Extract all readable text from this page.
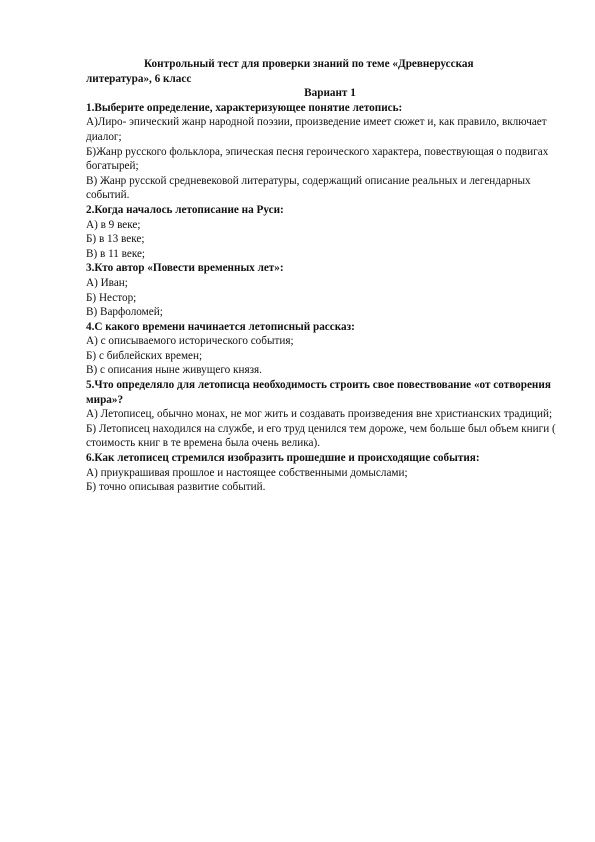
Контрольный тест для проверки знаний по теме «Древнерусская
литература», 6 класс

Вариант 1

1.Выберите определение, характеризующее понятие летопись:

А)Лиро- эпический жанр народной поэзии, произведение имеет сюжет и, как правило, включает диалог;

Б)Жанр русского фольклора, эпическая песня героического характера, повествующая о подвигах богатырей;

В) Жанр русской средневековой литературы, содержащий описание реальных и легендарных событий.

2.Когда началось летописание на Руси:

А) в 9 веке;

Б) в 13 веке;

В) в 11 веке;

3.Кто автор «Повести временных лет»:

А) Иван;

Б) Нестор;

В) Варфоломей;

4.С какого времени начинается летописный рассказ:

А) с описываемого исторического события;

Б) с библейских времен;

В) с описания ныне живущего князя.

5.Что определяло для летописца необходимость строить свое повествование «от сотворения мира»?

А) Летописец, обычно монах, не мог жить и создавать произведения вне христианских традиций;

Б) Летописец находился на службе, и его труд ценился тем дороже, чем больше был объем книги ( стоимость книг в те времена была очень велика).

6.Как летописец стремился изобразить прошедшие и происходящие события:

А) приукрашивая прошлое и настоящее собственными домыслами;

Б) точно описывая развитие событий.
